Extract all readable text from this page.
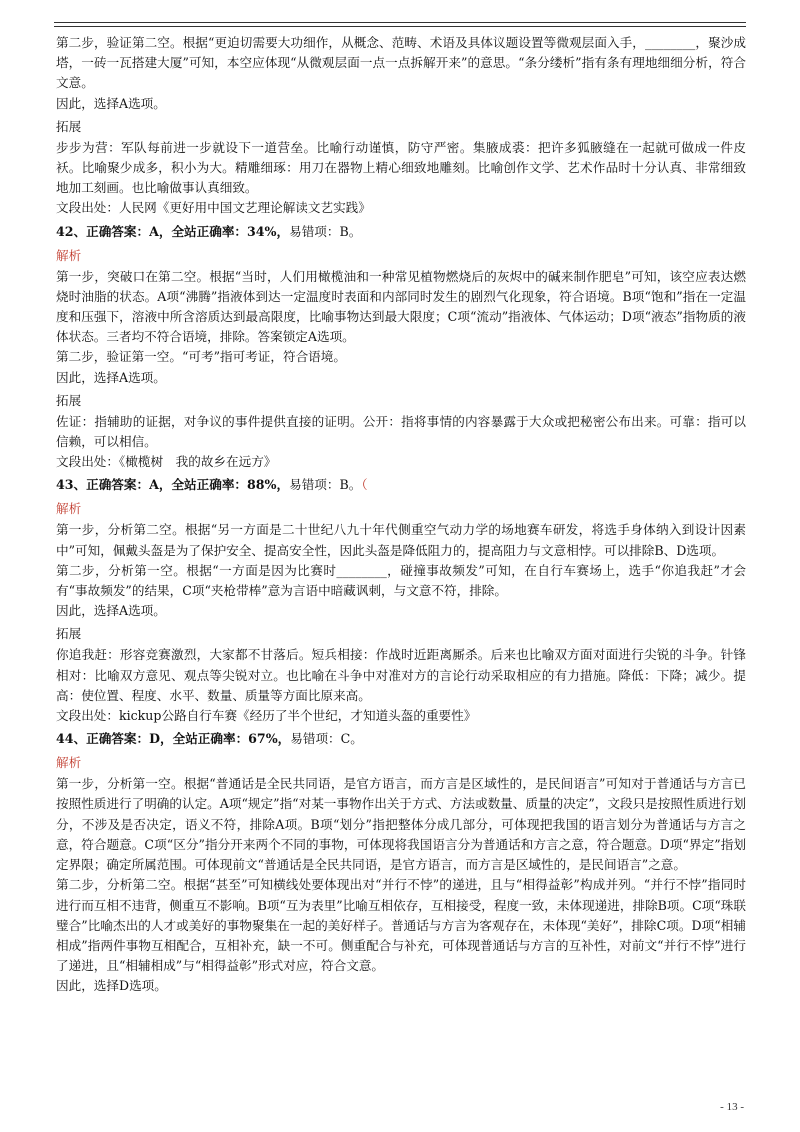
第二步，验证第二空。根据“更迫切需要大功细作，从概念、范畴、术语及具体议题设置等微观层面入手，________，聚沙成塔，一砖一瓦搭建大厦”可知，本空应体现“从微观层面一点一点拆解开来”的意思。“条分缕析”指有条有理地细细分析，符合文意。
因此，选择A选项。
拓展
步步为营：军队每前进一步就设下一道营垒。比喻行动谨慎，防守严密。集腋成裘：把许多狐腋缝在一起就可做成一件皮袄。比喻聚少成多，积小为大。精雕细琢：用刀在器物上精心细致地雕刻。比喻创作文学、艺术作品时十分认真、非常细致地加工刻画。也比喻做事认真细致。
文段出处：人民网《更好用中国文艺理论解读文艺实践》
42、正确答案：A，全站正确率：34%，易错项：B。
解析
第一步，突破口在第二空。根据“当时，人们用橄榄油和一种常见植物燃烧后的灰烬中的碱来制作肥皂”可知，该空应表达燃烧时油脂的状态。A项“沸腾”指液体到达一定温度时表面和内部同时发生的剧烈气化现象，符合语境。B项“饱和”指在一定温度和压强下，溶液中所含溶质达到最高限度，比喻事物达到最大限度；C项“流动”指液体、气体运动；D项“液态”指物质的液体状态。三者均不符合语境，排除。答案锁定A选项。
第二步，验证第一空。“可考”指可考证，符合语境。
因此，选择A选项。
拓展
佐证：指辅助的证据，对争议的事件提供直接的证明。公开：指将事情的内容暴露于大众或把秘密公布出来。可靠：指可以信赖，可以相信。
文段出处：《橄榄树　我的故乡在远方》
43、正确答案：A，全站正确率：88%，易错项：B。（
解析
第一步，分析第二空。根据“另一方面是二十世纪八九十年代侧重空气动力学的场地赛车研发，将选手身体纳入到设计因素中”可知，佩戴头盔是为了保护安全、提高安全性，因此头盔是降低阻力的，提高阻力与文意相悖。可以排除B、D选项。
第二步，分析第一空。根据“一方面是因为比赛时________，碰撞事故频发”可知，在自行车赛场上，选手“你追我赶”才会有“事故频发”的结果，C项“夹枪带棒”意为言语中暗藏讽刺，与文意不符，排除。
因此，选择A选项。
拓展
你追我赶：形容竞赛激烈，大家都不甘落后。短兵相接：作战时近距离厮杀。后来也比喻双方面对面进行尖锐的斗争。针锋相对：比喻双方意见、观点等尖锐对立。也比喻在斗争中对准对方的言论行动采取相应的有力措施。降低：下降；减少。提高：使位置、程度、水平、数量、质量等方面比原来高。
文段出处：kickup公路自行车赛《经历了半个世纪，才知道头盔的重要性》
44、正确答案：D，全站正确率：67%，易错项：C。
解析
第一步，分析第一空。根据“普通话是全民共同语，是官方语言，而方言是区域性的，是民间语言”可知对于普通话与方言已按照性质进行了明确的认定。A项“规定”指“对某一事物作出关于方式、方法或数量、质量的决定”，文段只是按照性质进行划分，不涉及是否决定，语义不符，排除A项。B项“划分”指把整体分成几部分，可体现把我国的语言划分为普通话与方言之意，符合题意。C项“区分”指分开来两个不同的事物，可体现将我国语言分为普通话和方言之意，符合题意。D项“界定”指划定界限；确定所属范围。可体现前文“普通话是全民共同语，是官方语言，而方言是区域性的，是民间语言”之意。
第二步，分析第二空。根据“甚至”可知横线处要体现出对“并行不悖”的递进，且与“相得益彰”构成并列。“并行不悖”指同时进行而互相不违背，侧重互不影响。B项“互为表里”比喻互相依存，互相接受，程度一致，未体现递进，排除B项。C项“珠联璧合”比喻杰出的人才或美好的事物聚集在一起的美好样子。普通话与方言为客观存在，未体现“美好”，排除C项。D项“相辅相成”指两件事物互相配合，互相补充，缺一不可。侧重配合与补充，可体现普通话与方言的互补性，对前文“并行不悖”进行了递进，且“相辅相成”与“相得益彰”形式对应，符合文意。
因此，选择D选项。
- 13 -
